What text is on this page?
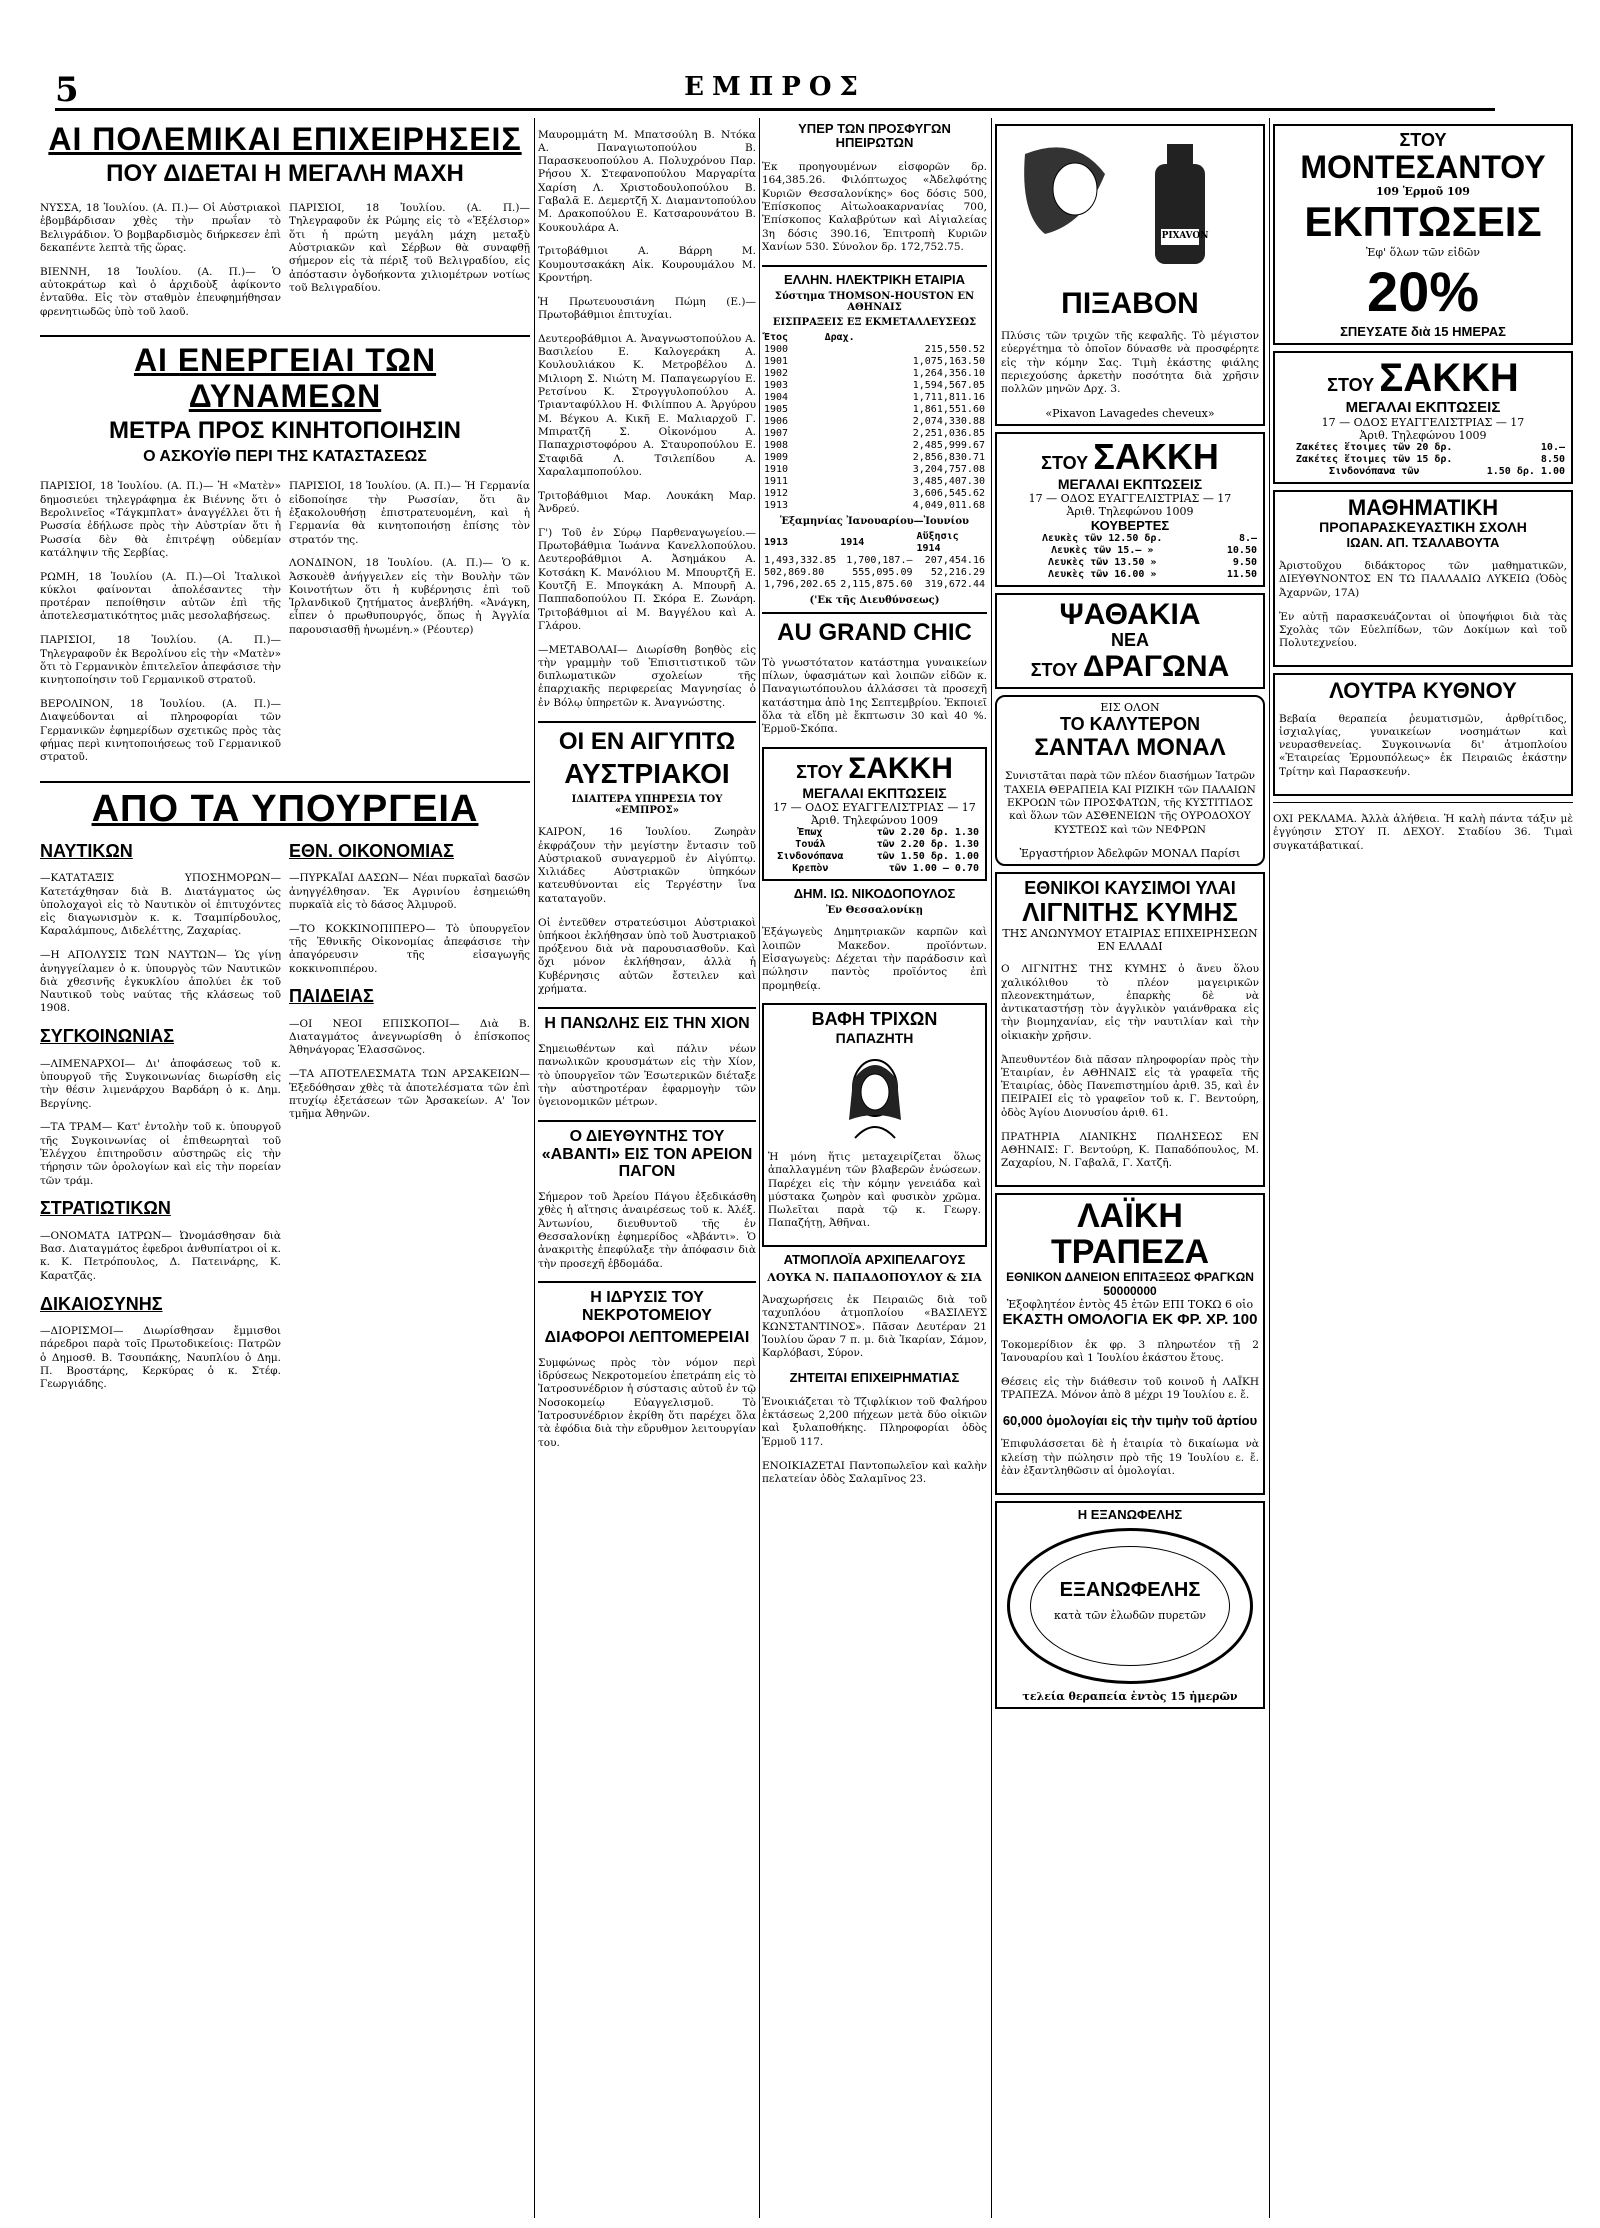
5	ΕΜΠΡΟΣ
ΑΙ ΠΟΛΕΜΙΚΑΙ ΕΠΙΧΕΙΡΗΣΕΙΣ
ΠΟΥ ΔΙΔΕΤΑΙ Η ΜΕΓΑΛΗ ΜΑΧΗ

ΝΥΣΣΑ, 18 Ἰουλίου. (Α. Π.)— Οἱ Αὐστριακοὶ ἐβομβάρδισαν χθὲς τὴν πρωΐαν τὸ Βελιγράδιον. Ὁ βομβαρδισμὸς διήρκεσεν ἐπὶ δεκαπέντε λεπτὰ τῆς ὥρας.

ΒΙΕΝΝΗ, 18 Ἰουλίου. (Α. Π.)— Ὁ αὐτοκράτωρ καὶ ὁ ἀρχιδοὺξ ἀφίκοντο ἐνταῦθα. Εἰς τὸν σταθμὸν ἐπευφημήθησαν φρενητιωδῶς ὑπὸ τοῦ λαοῦ.

ΠΑΡΙΣΙΟΙ, 18 Ἰουλίου. (Α. Π.)— Τηλεγραφοῦν ἐκ Ρώμης εἰς τὸ «Ἐξέλσιορ» ὅτι ἡ πρώτη μεγάλη μάχη μεταξὺ Αὐστριακῶν καὶ Σέρβων θὰ συναφθῇ σήμερον εἰς τὰ πέριξ τοῦ Βελιγραδίου, εἰς ἀπόστασιν ὀγδοήκοντα χιλιομέτρων νοτίως τοῦ Βελιγραδίου.

ΑΙ ΕΝΕΡΓΕΙΑΙ ΤΩΝ ΔΥΝΑΜΕΩΝ
ΜΕΤΡΑ ΠΡΟΣ ΚΙΝΗΤΟΠΟΙΗΣΙΝ
Ο ΑΣΚΟΥΪΘ ΠΕΡΙ ΤΗΣ ΚΑΤΑΣΤΑΣΕΩΣ

ΠΑΡΙΣΙΟΙ, 18 Ἰουλίου. (Α. Π.)— Ἡ «Ματὲν» δημοσιεύει τηλεγράφημα ἐκ Βιέννης ὅτι ὁ Βερολινεῖος «Τάγκμπλατ» ἀναγγέλλει ὅτι ἡ Ρωσσία ἐδήλωσε πρὸς τὴν Αὐστρίαν ὅτι ἡ Ρωσσία δὲν θὰ ἐπιτρέψῃ οὐδεμίαν κατάληψιν τῆς Σερβίας.

ΡΩΜΗ, 18 Ἰουλίου (Α. Π.)—Οἱ Ἰταλικοὶ κύκλοι φαίνονται ἀπολέσαντες τὴν προτέραν πεποίθησιν αὐτῶν ἐπὶ τῆς ἀποτελεσματικότητος μιᾶς μεσολαβήσεως.

ΠΑΡΙΣΙΟΙ, 18 Ἰουλίου. (Α. Π.)— Τηλεγραφοῦν ἐκ Βερολίνου εἰς τὴν «Ματὲν» ὅτι τὸ Γερμανικὸν ἐπιτελεῖον ἀπεφάσισε τὴν κινητοποίησιν τοῦ Γερμανικοῦ στρατοῦ.

ΒΕΡΟΛΙΝΟΝ, 18 Ἰουλίου. (Α. Π.)— Διαψεύδονται αἱ πληροφορίαι τῶν Γερμανικῶν ἐφημερίδων σχετικῶς πρὸς τὰς φήμας περὶ κινητοποιήσεως τοῦ Γερμανικοῦ στρατοῦ.

ΠΑΡΙΣΙΟΙ, 18 Ἰουλίου. (Α. Π.)— Ἡ Γερμανία εἰδοποίησε τὴν Ρωσσίαν, ὅτι ἂν ἐξακολουθήσῃ ἐπιστρατευομένη, καὶ ἡ Γερμανία θὰ κινητοποιήσῃ ἐπίσης τὸν στρατόν της.

ΛΟΝΔΙΝΟΝ, 18 Ἰουλίου. (Α. Π.)— Ὁ κ. Ἀσκουὲθ ἀνήγγειλεν εἰς τὴν Βουλὴν τῶν Κοινοτήτων ὅτι ἡ κυβέρνησις ἐπὶ τοῦ Ἰρλανδικοῦ ζητήματος ἀνεβλήθη. «Ἀνάγκη, εἶπεν ὁ πρωθυπουργός, ὅπως ἡ Ἀγγλία παρουσιασθῇ ἡνωμένη.» (Ρέουτερ)

ΑΠΟ ΤΑ ΥΠΟΥΡΓΕΙΑ
ΝΑΥΤΙΚΩΝ

—ΚΑΤΑΤΑΞΙΣ ΥΠΟΣΗΜΟΡΩΝ— Κατετάχθησαν διὰ Β. Διατάγματος ὡς ὑπολοχαγοὶ εἰς τὸ Ναυτικὸν οἱ ἐπιτυχόντες εἰς διαγωνισμὸν κ. κ. Τσαμπίρδουλος, Καραλάμπους, Διδελέττης, Ζαχαρίας.

—Η ΑΠΟΛΥΣΙΣ ΤΩΝ ΝΑΥΤΩΝ— Ὡς γίνῃ ἀνηγγείλαμεν ὁ κ. ὑπουργὸς τῶν Ναυτικῶν διὰ χθεσινῆς ἐγκυκλίου ἀπολύει ἐκ τοῦ Ναυτικοῦ τοὺς ναύτας τῆς κλάσεως τοῦ 1908.

ΣΥΓΚΟΙΝΩΝΙΑΣ

—ΛΙΜΕΝΑΡΧΟΙ— Δι' ἀποφάσεως τοῦ κ. ὑπουργοῦ τῆς Συγκοινωνίας διωρίσθη εἰς τὴν θέσιν λιμενάρχου Βαρδάρη ὁ κ. Δημ. Βεργίνης.

—ΤΑ ΤΡΑΜ— Κατ' ἐντολὴν τοῦ κ. ὑπουργοῦ τῆς Συγκοινωνίας οἱ ἐπιθεωρηταὶ τοῦ Ἐλέγχου ἐπιτηροῦσιν αὐστηρῶς εἰς τὴν τήρησιν τῶν ὁρολογίων καὶ εἰς τὴν πορείαν τῶν τράμ.

ΣΤΡΑΤΙΩΤΙΚΩΝ

—ΟΝΟΜΑΤΑ ΙΑΤΡΩΝ— Ὠνομάσθησαν διὰ Βασ. Διαταγμάτος ἐφεδροι ἀνθυπίατροι οἱ κ. κ. Κ. Πετρόπουλος, Δ. Πατεινάρης, Κ. Καρατζᾶς.

ΔΙΚΑΙΟΣΥΝΗΣ

—ΔΙΟΡΙΣΜΟΙ— Διωρίσθησαν ἔμμισθοι πάρεδροι παρὰ τοῖς Πρωτοδικείοις: Πατρῶν ὁ Δημοσθ. Β. Τσουπάκης, Ναυπλίου ὁ Δημ. Π. Βροστάρης, Κερκύρας ὁ κ. Στέφ. Γεωργιάδης.

ΕΘΝ. ΟΙΚΟΝΟΜΙΑΣ

—ΠΥΡΚΑΪΑΙ ΔΑΣΩΝ— Νέαι πυρκαϊαὶ δασῶν ἀνηγγέλθησαν. Ἐκ Αγρινίου ἐσημειώθη πυρκαϊὰ εἰς τὸ δάσος Ἀλμυροῦ.

—ΤΟ ΚΟΚΚΙΝΟΠΙΠΕΡΟ— Τὸ ὑπουργεῖον τῆς Ἐθνικῆς Οἰκονομίας ἀπεφάσισε τὴν ἀπαγόρευσιν τῆς εἰσαγωγῆς κοκκινοπιπέρου.

ΠΑΙΔΕΙΑΣ

—ΟΙ ΝΕΟΙ ΕΠΙΣΚΟΠΟΙ— Διὰ Β. Διαταγμάτος ἀνεγνωρίσθη ὁ ἐπίσκοπος Ἀθηνάγορας Ἐλασσῶνος.

—ΤΑ ΑΠΟΤΕΛΕΣΜΑΤΑ ΤΩΝ ΑΡΣΑΚΕΙΩΝ— Ἐξεδόθησαν χθὲς τὰ ἀποτελέσματα τῶν ἐπὶ πτυχίῳ ἐξετάσεων τῶν Ἀρσακείων. Α' Ἰον τμῆμα Ἀθηνῶν.

Μαυρομμάτη Μ. Μπατσούλη Β. Ντόκα Α. Παναγιωτοπούλου Β. Παρασκευοπούλου Α. Πολυχρόνου Παρ. Ρήσου Χ. Στεφανοπούλου Μαργαρίτα Χαρίση Λ. Χριστοδουλοπούλου Β. Γαβαλᾶ Ε. Δεμερτζῆ Χ. Διαμαντοπούλου Μ. Δρακοπούλου Ε. Κατσαρουνάτου Β. Κουκουλάρα Α.

Τριτοβάθμιοι Α. Βάρρη Μ. Κουμουτσακάκη Αἰκ. Κουρουμάλου Μ. Κροντήρη.

Ἡ Πρωτευουσιάνη Πώμη (Ε.)—Πρωτοβάθμιοι ἐπιτυχίαι.

Δευτεροβάθμιοι Α. Ἀναγνωστοπούλου Α. Βασιλείου Ε. Καλογεράκη Α. Κουλουλιάκου Κ. Μετροβέλου Δ. Μιλιορη Σ. Νιώτη Μ. Παπαγεωργίου Ε. Ρετσίνου Κ. Στρογγυλοπούλου Α. Τριανταφύλλου Η. Φιλίππου Α. Ἀργύρου Μ. Βέγκου Α. Κικῆ Ε. Μαλιαρχοῦ Γ. Μπιρατζῆ Σ. Οἰκονόμου Α. Παπαχριστοφόρου Α. Σταυροπούλου Ε. Σταφιδᾶ Λ. Τσιλεπίδου Α. Χαραλαμποπούλου.

Τριτοβάθμιοι Μαρ. Λουκάκη Μαρ. Ἀνδρεύ.

Γ') Τοῦ ἐν Σύρῳ Παρθεναγωγείου.—Πρωτοβάθμια Ἰωάννα Κανελλοπούλου. Δευτεροβάθμιοι Α. Ἀσημάκου Α. Κοτσάκη Κ. Μανόλιου Μ. Μπουρτζῆ Ε. Κουτζῆ Ε. Μπογκάκη Α. Μπουρῆ Α. Παππαδοπούλου Π. Σκόρα Ε. Ζωνάρη. Τριτοβάθμιοι αἱ Μ. Βαγγέλου καὶ Α. Γλάρου.

—ΜΕΤΑΒΟΛΑΙ— Διωρίσθη βοηθὸς εἰς τὴν γραμμὴν τοῦ Ἐπισιτιστικοῦ τῶν διπλωματικῶν σχολείων τῆς ἐπαρχιακῆς περιφερείας Μαγνησίας ὁ ἐν Βόλῳ ὑπηρετῶν κ. Ἀναγνώστης.

ΟΙ ΕΝ ΑΙΓΥΠΤΩ
ΑΥΣΤΡΙΑΚΟΙ
ΙΔΙΑΙΤΕΡΑ ΥΠΗΡΕΣΙΑ ΤΟΥ «ΕΜΠΡΟΣ»

ΚΑΙΡΟΝ, 16 Ἰουλίου. Ζωηρὰν ἐκφράζουν τὴν μεγίστην ἔντασιν τοῦ Αὐστριακοῦ συναγερμοῦ ἐν Αἰγύπτῳ. Χιλιάδες Αὐστριακῶν ὑπηκόων κατευθύνονται εἰς Τεργέστην ἵνα καταταγοῦν.

Οἱ ἐντεῦθεν στρατεύσιμοι Αὐστριακοὶ ὑπήκοοι ἐκλήθησαν ὑπὸ τοῦ Ἀυστριακοῦ πρόξενου διὰ νὰ παρουσιασθοῦν. Καὶ ὅχι μόνον ἐκλήθησαν, ἀλλὰ ἡ Κυβέρνησις αὐτῶν ἔστειλεν καὶ χρήματα.

Η ΠΑΝΩΛΗΣ ΕΙΣ ΤΗΝ ΧΙΟΝ

Σημειωθέντων καὶ πάλιν νέων πανωλικῶν κρουσμάτων εἰς τὴν Χίον, τὸ ὑπουργεῖον τῶν Ἐσωτερικῶν διέταξε τὴν αὐστηροτέραν ἐφαρμογὴν τῶν ὑγειονομικῶν μέτρων.

Ο ΔΙΕΥΘΥΝΤΗΣ ΤΟΥ «ΑΒΑΝΤΙ» ΕΙΣ ΤΟΝ ΑΡΕΙΟΝ ΠΑΓΟΝ

Σήμερον τοῦ Ἀρείου Πάγου ἐξεδικάσθη χθὲς ἡ αἴτησις ἀναιρέσεως τοῦ κ. Ἀλέξ. Ἀντωνίου, διευθυντοῦ τῆς ἐν Θεσσαλονίκῃ ἐφημερίδος «Ἀβάντι». Ὁ ἀνακριτὴς ἐπεφύλαξε τὴν ἀπόφασιν διὰ τὴν προσεχῆ ἑβδομάδα.

Η ΙΔΡΥΣΙΣ ΤΟΥ ΝΕΚΡΟΤΟΜΕΙΟΥ
ΔΙΑΦΟΡΟΙ ΛΕΠΤΟΜΕΡΕΙΑΙ

Συμφώνως πρὸς τὸν νόμον περὶ ἱδρύσεως Νεκροτομείου ἐπετράπη εἰς τὸ Ἰατροσυνέδριον ἡ σύστασις αὐτοῦ ἐν τῷ Νοσοκομείῳ Εὐαγγελισμοῦ. Τὸ Ἰατροσυνέδριον ἐκρίθη ὅτι παρέχει ὅλα τὰ ἐφόδια διὰ τὴν εὔρυθμον λειτουργίαν του.

ΥΠΕΡ ΤΩΝ ΠΡΟΣΦΥΓΩΝ ΗΠΕΙΡΩΤΩΝ

Ἐκ προηγουμένων εἰσφορῶν δρ. 164,385.26. Φιλόπτωχος «Ἀδελφότης Κυριῶν Θεσσαλονίκης» 6ος δόσις 500, Ἐπίσκοπος Αἰτωλοακαρνανίας 700, Ἐπίσκοπος Καλαβρύτων καὶ Αἰγιαλείας 3η δόσις 390.16, Ἐπιτροπὴ Κυριῶν Χανίων 530. Σύνολον δρ. 172,752.75.

ΕΛΛΗΝ. ΗΛΕΚΤΡΙΚΗ ΕΤΑΙΡΙΑ
Σύστημα ΤΗΟΜSON-HOUSTON ΕΝ ΑΘΗΝΑΙΣ
ΕΙΣΠΡΑΞΕΙΣ ΕΞ ΕΚΜΕΤΑΛΛΕΥΣΕΩΣ
Ἔτος	Δραχ.
1900	215,550.52
1901	1,075,163.50
1902	1,264,356.10
1903	1,594,567.05
1904	1,711,811.16
1905	1,861,551.60
1906	2,074,330.88
1907	2,251,036.85
1908	2,485,999.67
1909	2,856,830.71
1910	3,204,757.08
1911	3,485,407.30
1912	3,606,545.62
1913	4,049,011.68
Ἑξαμηνίας Ἰανουαρίου—Ἰουνίου
1913	1914	Αὔξησις 1914
1,493,332.85	1,700,187.—	207,454.16
502,869.80	555,095.09	52,216.29
1,796,202.65	2,115,875.60	319,672.44
('Εκ τῆς Διευθύνσεως)
AU GRAND CHIC

Τὸ γνωστότατον κατάστημα γυναικείων πίλων, ὑφασμάτων καὶ λοιπῶν εἰδῶν κ. Παναγιωτόπουλου ἀλλάσσει τὰ προσεχῆ κατάστημα ἀπὸ 1ης Σεπτεμβρίου. Ἐκποιεῖ ὅλα τὰ εἴδη μὲ ἔκπτωσιν 30 καὶ 40 %. Ἑρμοῦ-Σκόπα.

ΣΤΟΥ ΣΑΚΚΗ
ΜΕΓΑΛΑΙ ΕΚΠΤΩΣΕΙΣ
17 — ΟΔΟΣ ΕΥΑΓΓΕΛΙΣΤΡΙΑΣ — 17
Ἀριθ. Τηλεφώνου 1009
Ἐπωχ	τῶν 2.20 δρ. 1.30
Τουάλ	τῶν 2.20 δρ. 1.30
Σινδονόπανα	τῶν 1.50 δρ. 1.00
Κρεπὸν	τῶν 1.00 — 0.70
ΔΗΜ. ΙΩ. ΝΙΚΟΔΟΠΟΥΛΟΣ
Ἐν Θεσσαλονίκῃ

Ἐξάγωγεὺς Δημητριακῶν καρπῶν καὶ λοιπῶν Μακεδον. προϊόντων. Εἰσαγωγεὺς: Δέχεται τὴν παράδοσιν καὶ πώλησιν παντὸς προϊόντος ἐπὶ προμηθείᾳ.

ΒΑΦΗ ΤΡΙΧΩΝ
ΠΑΠΑΖΗΤΗ

Ἡ μόνη ἥτις μεταχειρίζεται ὅλως ἀπαλλαγμένη τῶν βλαβερῶν ἐνώσεων. Παρέχει εἰς τὴν κόμην γενειάδα καὶ μύστακα ζωηρὸν καὶ φυσικὸν χρῶμα. Πωλεῖται παρὰ τῷ κ. Γεωργ. Παπαζήτῃ, Ἀθῆναι.

ΑΤΜΟΠΛΟΪΑ ΑΡΧΙΠΕΛΑΓΟΥΣ
ΛΟΥΚΑ Ν. ΠΑΠΑΔΟΠΟΥΛΟΥ & ΣΙΑ

Ἀναχωρήσεις ἐκ Πειραιῶς διὰ τοῦ ταχυπλόου ἀτμοπλοίου «ΒΑΣΙΛΕΥΣ ΚΩΝΣΤΑΝΤΙΝΟΣ». Πᾶσαν Δευτέραν 21 Ἰουλίου ὥραν 7 π. μ. διὰ Ἰκαρίαν, Σάμον, Καρλόβασι, Σύρον.

ΖΗΤΕΙΤΑΙ ΕΠΙΧΕΙΡΗΜΑΤΙΑΣ

Ἐνοικιάζεται τὸ Τζιφλίκιον τοῦ Φαλήρου ἐκτάσεως 2,200 πήχεων μετὰ δύο οἰκιῶν καὶ ξυλαποθήκης. Πληροφορίαι ὁδὸς Ἑρμοῦ 117.

ΕΝΟΙΚΙΑΖΕΤΑΙ Παντοπωλεῖον καὶ καλὴν πελατείαν ὁδὸς Σαλαμῖνος 23.

ΠΙΞΑΒΟΝ

Πλύσις τῶν τριχῶν τῆς κεφαλῆς. Τὸ μέγιστον εὐεργέτημα τὸ ὁποῖον δύνασθε νὰ προσφέρητε εἰς τὴν κόμην Σας. Τιμὴ ἑκάστης φιάλης περιεχούσης ἀρκετὴν ποσότητα διὰ χρῆσιν πολλῶν μηνῶν Δρχ. 3.

«Pixavon Lavagedes cheveux»
ΣΤΟΥ ΣΑΚΚΗ
ΜΕΓΑΛΑΙ ΕΚΠΤΩΣΕΙΣ
17 — ΟΔΟΣ ΕΥΑΓΓΕΛΙΣΤΡΙΑΣ — 17
Ἀριθ. Τηλεφώνου 1009
ΚΟΥΒΕΡΤΕΣ
Λευκὲς τῶν 12.50 δρ.	8.—
Λευκὲς τῶν 15.— »	10.50
Λευκὲς τῶν 13.50 »	9.50
Λευκὲς τῶν 16.00 »	11.50
ΨΑΘΑΚΙΑ
ΝΕΑ
ΣΤΟΥ ΔΡΑΓΩΝΑ
ΕΙΣ ΟΛΟΝ
ΤΟ ΚΑΛΥΤΕΡΟΝ
ΣΑΝΤΑΛ ΜΟΝΑΛ

Συνιστᾶται παρὰ τῶν πλέον διασήμων Ἰατρῶν ΤΑΧΕΙΑ ΘΕΡΑΠΕΙΑ ΚΑΙ ΡΙΖΙΚΗ τῶν ΠΑΛΑΙΩΝ ΕΚΡΟΩΝ τῶν ΠΡΟΣΦΑΤΩΝ, τῆς ΚΥΣΤΙΤΙΔΟΣ καὶ ὅλων τῶν ΑΣΘΕΝΕΙΩΝ τῆς ΟΥΡΟΔΟΧΟΥ ΚΥΣΤΕΩΣ καὶ τῶν ΝΕΦΡΩΝ

Ἐργαστήριον Ἀδελφῶν ΜΟΝΑΛ Παρίσι
ΕΘΝΙΚΟΙ ΚΑΥΣΙΜΟΙ ΥΛΑΙ
ΛΙΓΝΙΤΗΣ ΚΥΜΗΣ
ΤΗΣ ΑΝΩΝΥΜΟΥ ΕΤΑΙΡΙΑΣ ΕΠΙΧΕΙΡΗΣΕΩΝ ΕΝ ΕΛΛΑΔΙ

Ο ΛΙΓΝΙΤΗΣ ΤΗΣ ΚΥΜΗΣ ὁ ἄνευ ὅλου χαλικόλιθου τὸ πλέον μαγειρικῶν πλεονεκτημάτων, ἐπαρκὴς δὲ νὰ ἀντικαταστήσῃ τὸν ἀγγλικὸν γαιάνθρακα εἰς τὴν βιομηχανίαν, εἰς τὴν ναυτιλίαν καὶ τὴν οἰκιακὴν χρῆσιν.

Ἀπευθυντέον διὰ πᾶσαν πληροφορίαν πρὸς τὴν Ἑταιρίαν, ἐν ΑΘΗΝΑΙΣ εἰς τὰ γραφεῖα τῆς Ἑταιρίας, ὁδὸς Πανεπιστημίου ἀριθ. 35, καὶ ἐν ΠΕΙΡΑΙΕΙ εἰς τὸ γραφεῖον τοῦ κ. Γ. Βεντούρη, ὁδὸς Ἁγίου Διονυσίου ἀριθ. 61.

ΠΡΑΤΗΡΙΑ ΛΙΑΝΙΚΗΣ ΠΩΛΗΣΕΩΣ ΕΝ ΑΘΗΝΑΙΣ: Γ. Βεντούρη, Κ. Παπαδόπουλος, Μ. Ζαχαρίου, Ν. Γαβαλᾶ, Γ. Χατζῆ.

ΛΑΪΚΗ ΤΡΑΠΕΖΑ
ΕΘΝΙΚΟΝ ΔΑΝΕΙΟΝ ΕΠΙΤΑΞΕΩΣ ΦΡΑΓΚΩΝ 50000000
Ἐξοφλητέον ἐντὸς 45 ἐτῶν ΕΠΙ ΤΟΚΩ 6 οἰο
ΕΚΑΣΤΗ ΟΜΟΛΟΓΙΑ ΕΚ ΦΡ. ΧΡ. 100

Τοκομερίδιον ἐκ φρ. 3 πληρωτέον τῇ 2 Ἰανουαρίου καὶ 1 Ἰουλίου ἑκάστου ἔτους.

Θέσεις εἰς τὴν διάθεσιν τοῦ κοινοῦ ἡ ΛΑΪΚΗ ΤΡΑΠΕΖΑ. Μόνον ἀπὸ 8 μέχρι 19 Ἰουλίου ε. ἔ.

60,000 ὁμολογίαι εἰς τὴν τιμὴν τοῦ ἀρτίου

Ἐπιφυλάσσεται δὲ ἡ ἑταιρία τὸ δικαίωμα νὰ κλείσῃ τὴν πώλησιν πρὸ τῆς 19 Ἰουλίου ε. ἔ. ἐὰν ἐξαντληθῶσιν αἱ ὁμολογίαι.

Η ΕΞΑΝΩΦΕΛΗΣ
ΕΞΑΝΩΦΕΛΗΣ
κατὰ τῶν ἑλωδῶν πυρετῶν
τελεία θεραπεία ἐντὸς 15 ἡμερῶν
ΣΤΟΥ
ΜΟΝΤΕΣΑΝΤΟΥ
109 Ἑρμοῦ 109
ΕΚΠΤΩΣΕΙΣ
Ἐφ' ὅλων τῶν εἰδῶν
20%
ΣΠΕΥΣΑΤΕ διὰ 15 ΗΜΕΡΑΣ
ΣΤΟΥ ΣΑΚΚΗ
ΜΕΓΑΛΑΙ ΕΚΠΤΩΣΕΙΣ
17 — ΟΔΟΣ ΕΥΑΓΓΕΛΙΣΤΡΙΑΣ — 17
Ἀριθ. Τηλεφώνου 1009
Ζακέτες ἕτοιμες τῶν 20 δρ.	10.—
Ζακέτες ἕτοιμες τῶν 15 δρ.	8.50
Σινδονόπανα τῶν	1.50 δρ. 1.00
ΜΑΘΗΜΑΤΙΚΗ
ΠΡΟΠΑΡΑΣΚΕΥΑΣΤΙΚΗ ΣΧΟΛΗ
ΙΩΑΝ. ΑΠ. ΤΣΑΛΑΒΟΥΤΑ

Ἀριστοῦχου διδάκτορος τῶν μαθηματικῶν, ΔΙΕΥΘΥΝΟΝΤΟΣ ΕΝ ΤΩ ΠΑΛΛΑΔΙΩ ΛΥΚΕΙΩ (Ὁδὸς Ἀχαρνῶν, 17Α)

Ἐν αὐτῇ παρασκευάζονται οἱ ὑποψήφιοι διὰ τὰς Σχολὰς τῶν Εὐελπίδων, τῶν Δοκίμων καὶ τοῦ Πολυτεχνείου.

ΛΟΥΤΡΑ ΚΥΘΝΟΥ

Βεβαία θεραπεία ῥευματισμῶν, ἀρθρίτιδος, ἰσχιαλγίας, γυναικείων νοσημάτων καὶ νευρασθενείας. Συγκοινωνία δι' ἀτμοπλοίου «Ἑταιρείας Ἑρμουπόλεως» ἐκ Πειραιῶς ἑκάστην Τρίτην καὶ Παρασκευήν.

ΟΧΙ ΡΕΚΛΑΜΑ. Ἀλλὰ ἀλήθεια. Ἡ καλὴ πάντα τάξιν μὲ ἐγγύησιν ΣΤΟΥ Π. ΔΕΧΟΥ. Σταδίου 36. Τιμαὶ συγκατάβατικαί.
